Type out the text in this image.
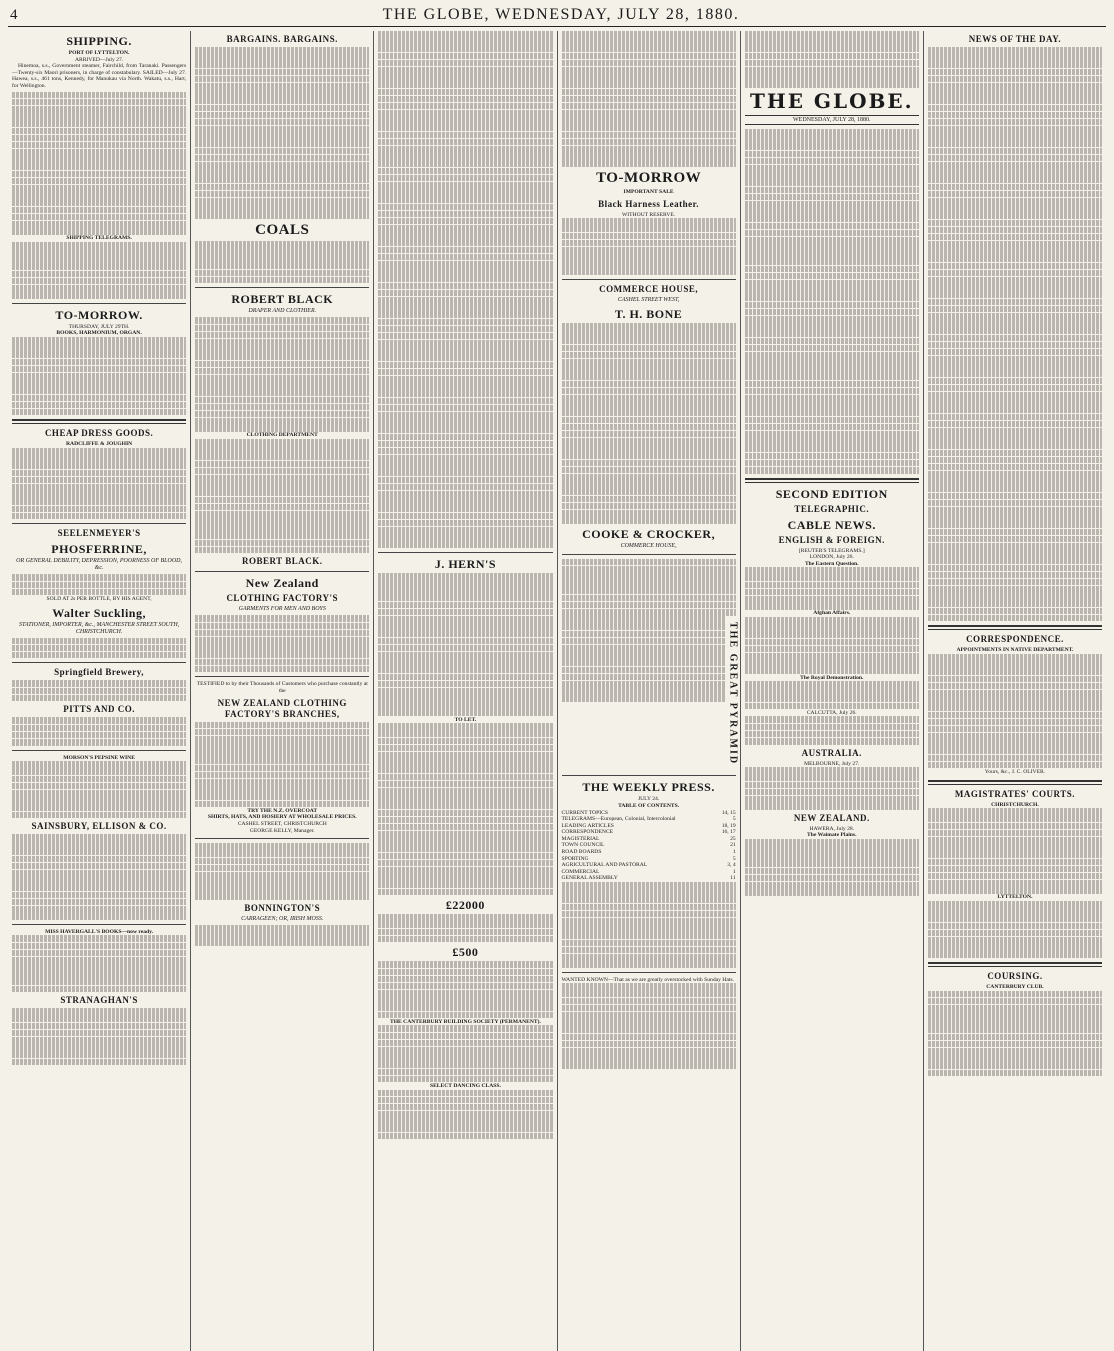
4	THE GLOBE, WEDNESDAY, JULY 28, 1880.
SHIPPING.
PORT OF LYTTELTON.
ARRIVED—July 27.

Hinemoa, s.s., Government steamer, Fairchild, from Taranaki. Passengers—Twenty-six Maori prisoners, in charge of constabulary. SAILED—July 27. Hawea, s.s., 461 tons, Kennedy, for Manukau via North. Wakatu, s.s., Hart, for Wellington.

SHIPPING TELEGRAMS.
TO-MORROW.
THURSDAY, JULY 29TH.
BOOKS, HARMONIUM, ORGAN.
CHEAP DRESS GOODS.
RADCLIFFE & JOUGHIN
SEELENMEYER'S
PHOSFERRINE,
OR GENERAL DEBILITY, DEPRESSION, POORNESS OF BLOOD, &c.
SOLD AT 2s PER BOTTLE, BY HIS AGENT,
Walter Suckling,
STATIONER, IMPORTER, &c., MANCHESTER STREET SOUTH, CHRISTCHURCH.
Springfield Brewery,
PITTS AND CO.
MORSON'S PEPSINE WINE
SAINSBURY, ELLISON & CO.
MISS HAVERGALL'S BOOKS—now ready.
STRANAGHAN'S
BARGAINS. BARGAINS.
COALS
ROBERT BLACK
DRAPER AND CLOTHIER.
CLOTHING DEPARTMENT
ROBERT BLACK.
New Zealand
CLOTHING FACTORY'S
GARMENTS FOR MEN AND BOYS
TESTIFIED to by their Thousands of Customers who purchase constantly at the
NEW ZEALAND CLOTHING FACTORY'S BRANCHES,
TRY THE N.Z. OVERCOAT
SHIRTS, HATS, AND HOSIERY AT WHOLESALE PRICES.
CASHEL STREET, CHRISTCHURCH
GEORGE KELLY, Manager.
BONNINGTON'S
CARRAGEEN; OR, IRISH MOSS.
J. HERN'S
TO LET.
£22000
£500
THE CANTERBURY BUILDING SOCIETY (PERMANENT).
SELECT DANCING CLASS.
TO-MORROW
IMPORTANT SALE
Black Harness Leather.
WITHOUT RESERVE.
COMMERCE HOUSE,
CASHEL STREET WEST,
T. H. BONE
COOKE & CROCKER,
COMMERCE HOUSE,
THE GREAT PYRAMID
THE WEEKLY PRESS.
JULY 24.
TABLE OF CONTENTS.
CURRENT TOPICS	14, 15
TELEGRAMS—European, Colonial, Intercolonial	5
LEADING ARTICLES	18, 19
CORRESPONDENCE	16, 17
MAGISTERIAL	25
TOWN COUNCIL	21
ROAD BOARDS	1
SPORTING	5
AGRICULTURAL AND PASTORAL	3, 4
COMMERCIAL	1
GENERAL ASSEMBLY	11

WANTED KNOWN—That as we are greatly overstocked with Sunday Hats.

THE GLOBE.
WEDNESDAY, JULY 28, 1880.
SECOND EDITION
TELEGRAPHIC.
CABLE NEWS.
ENGLISH & FOREIGN.
[REUTER'S TELEGRAMS.]
LONDON, July 26.
The Eastern Question.
Afghan Affairs.
The Royal Demonstration.
CALCUTTA, July 26.
AUSTRALIA.
MELBOURNE, July 27.
NEW ZEALAND.
HAWERA, July 28.
The Waimate Plains.
NEWS OF THE DAY.
CORRESPONDENCE.
APPOINTMENTS IN NATIVE DEPARTMENT.
Yours, &c., J. C. OLIVER.
MAGISTRATES' COURTS.
CHRISTCHURCH.
LYTTELTON.
COURSING.
CANTERBURY CLUB.
